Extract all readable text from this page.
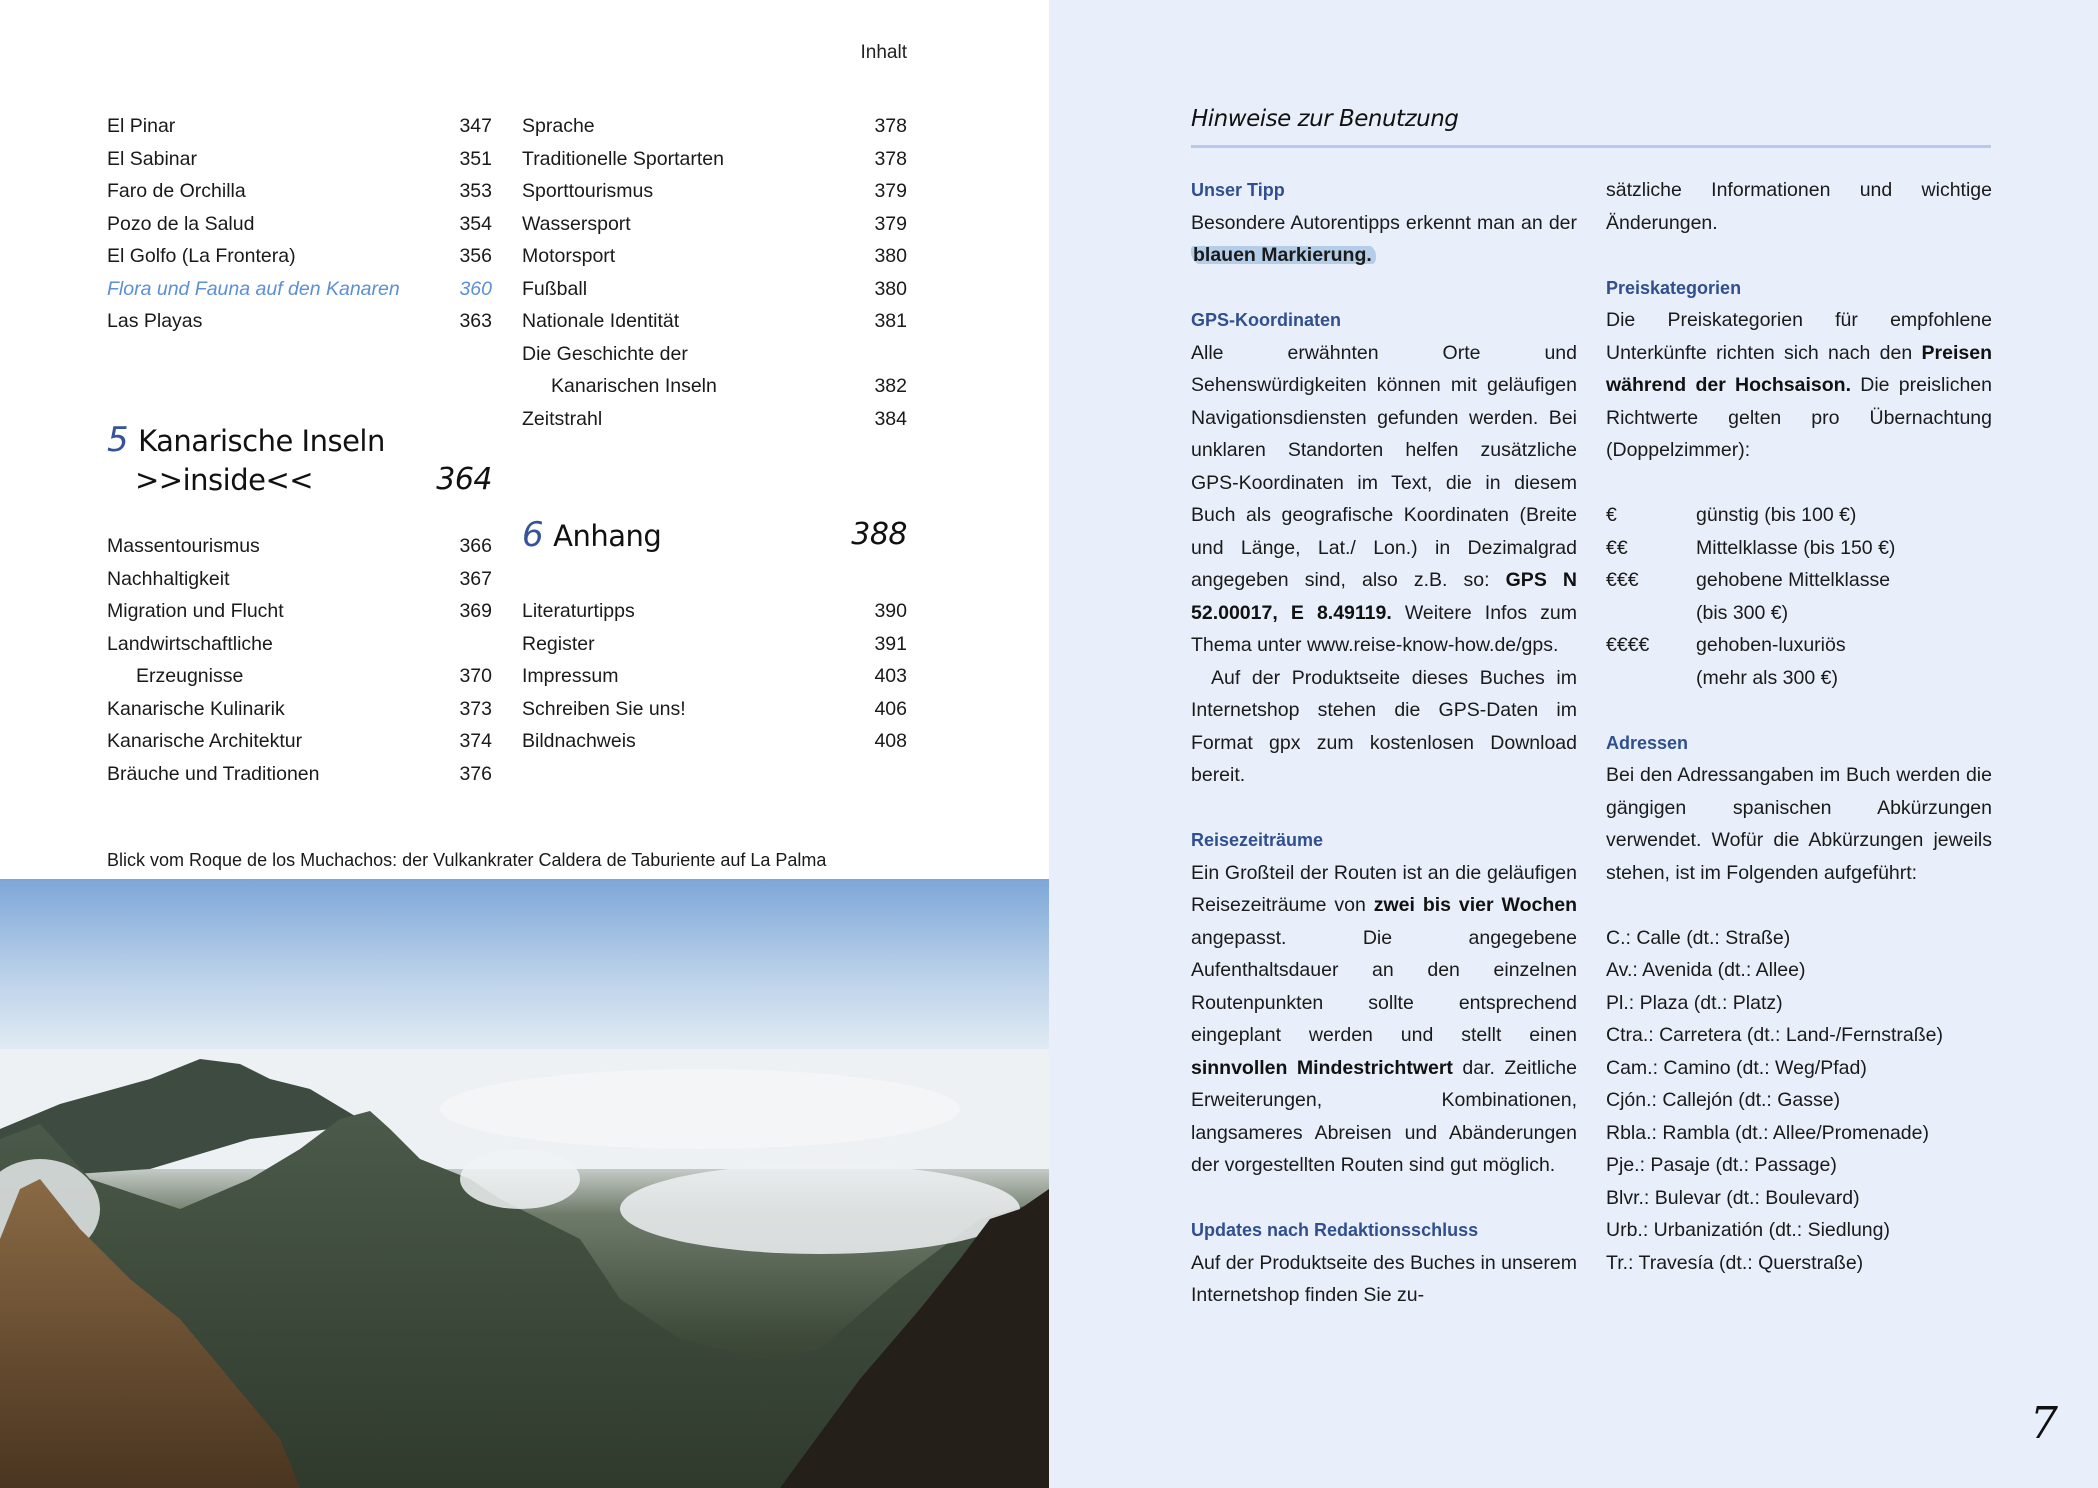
Inhalt
El Pinar	347
El Sabinar	351
Faro de Orchilla	353
Pozo de la Salud	354
El Golfo (La Frontera)	356
Flora und Fauna auf den Kanaren	360
Las Playas	363
5 Kanarische Inseln
>>inside<<	364
Massentourismus	366
Nachhaltigkeit	367
Migration und Flucht	369
Landwirtschaftliche
Erzeugnisse	370
Kanarische Kulinarik	373
Kanarische Architektur	374
Bräuche und Traditionen	376
Sprache	378
Traditionelle Sportarten	378
Sporttourismus	379
Wassersport	379
Motorsport	380
Fußball	380
Nationale Identität	381
Die Geschichte der
Kanarischen Inseln	382
Zeitstrahl	384
6 Anhang	388
Literaturtipps	390
Register	391
Impressum	403
Schreiben Sie uns!	406
Bildnachweis	408
Blick vom Roque de los Muchachos: der Vulkankrater Caldera de Taburiente auf La Palma
Hinweise zur Benutzung
Unser Tipp

Besondere Autorentipps erkennt man an der blauen Markierung.

GPS-Koordinaten

Alle erwähnten Orte und Sehenswürdigkeiten können mit geläufigen Navigationsdiensten gefunden werden. Bei unklaren Standorten helfen zusätzliche GPS-Koordinaten im Text, die in diesem Buch als geografische Koordinaten (Breite und Länge, Lat./ Lon.) in Dezimalgrad angegeben sind, also z.B. so: GPS N 52.00017, E 8.49119. Weitere Infos zum Thema unter www.reise-know-how.de/gps.

Auf der Produktseite dieses Buches im Internetshop stehen die GPS-Daten im Format gpx zum kostenlosen Download bereit.

Reisezeiträume

Ein Großteil der Routen ist an die geläufigen Reisezeiträume von zwei bis vier Wochen angepasst. Die angegebene Aufenthaltsdauer an den einzelnen Routenpunkten sollte entsprechend eingeplant werden und stellt einen sinnvollen Mindestrichtwert dar. Zeitliche Erweiterungen, Kombinationen, langsameres Abreisen und Abänderungen der vorgestellten Routen sind gut möglich.

Updates nach Redaktionsschluss

Auf der Produktseite des Buches in unserem Internetshop finden Sie zu-

sätzliche Informationen und wichtige Änderungen.

Preiskategorien

Die Preiskategorien für empfohlene Unterkünfte richten sich nach den Preisen während der Hochsaison. Die preislichen Richtwerte gelten pro Übernachtung (Doppelzimmer):

€	günstig (bis 100 €)
€€	Mittelklasse (bis 150 €)
€€€	gehobene Mittelklasse
(bis 300 €)
€€€€	gehoben-luxuriös
(mehr als 300 €)
Adressen

Bei den Adressangaben im Buch werden die gängigen spanischen Abkürzungen verwendet. Wofür die Abkürzungen jeweils stehen, ist im Folgenden aufgeführt:

C.: Calle (dt.: Straße)
Av.: Avenida (dt.: Allee)
Pl.: Plaza (dt.: Platz)
Ctra.: Carretera (dt.: Land-/Fernstraße)
Cam.: Camino (dt.: Weg/Pfad)
Cjón.: Callejón (dt.: Gasse)
Rbla.: Rambla (dt.: Allee/Promenade)
Pje.: Pasaje (dt.: Passage)
Blvr.: Bulevar (dt.: Boulevard)
Urb.: Urbanizatión (dt.: Siedlung)
Tr.: Travesía (dt.: Querstraße)
7
